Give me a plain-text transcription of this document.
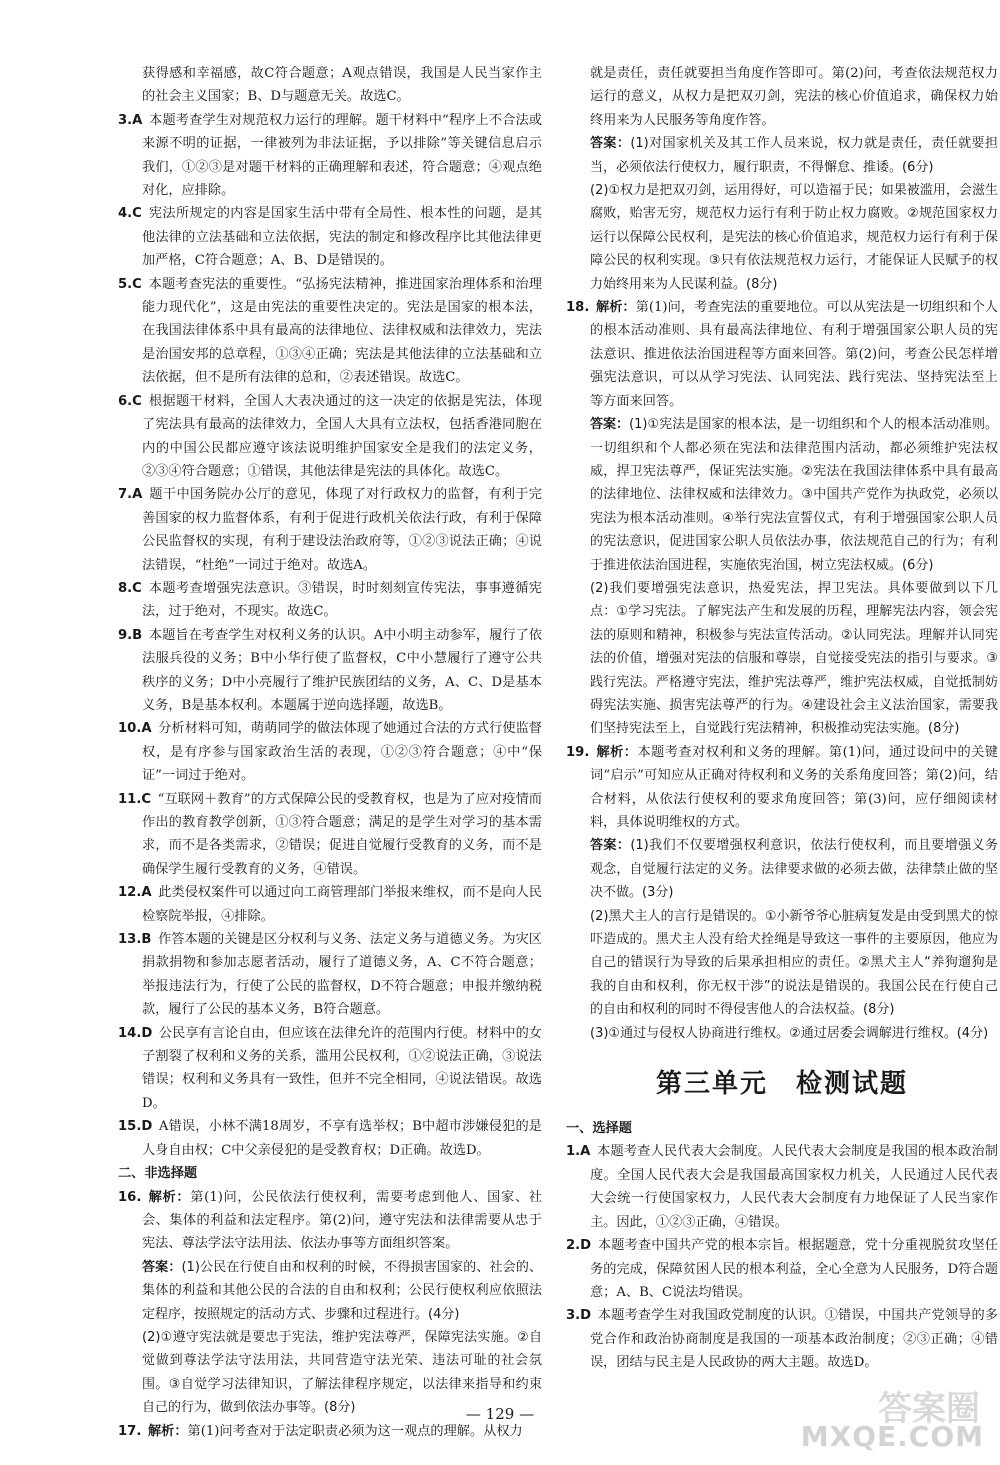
获得感和幸福感，故C符合题意；A观点错误，我国是人民当家作主的社会主义国家；B、D与题意无关。故选C。
3.A  本题考查学生对规范权力运行的理解。题干材料中“程序上不合法或来源不明的证据，一律被列为非法证据，予以排除”等关键信息启示我们，①②③是对题干材料的正确理解和表述，符合题意；④观点绝对化，应排除。
4.C  宪法所规定的内容是国家生活中带有全局性、根本性的问题，是其他法律的立法基础和立法依据，宪法的制定和修改程序比其他法律更加严格，C符合题意；A、B、D是错误的。
5.C  本题考查宪法的重要性。“弘扬宪法精神，推进国家治理体系和治理能力现代化”，这是由宪法的重要性决定的。宪法是国家的根本法，在我国法律体系中具有最高的法律地位、法律权威和法律效力，宪法是治国安邦的总章程，①③④正确；宪法是其他法律的立法基础和立法依据，但不是所有法律的总和，②表述错误。故选C。
6.C  根据题干材料，全国人大表决通过的这一决定的依据是宪法，体现了宪法具有最高的法律效力，全国人大具有立法权，包括香港同胞在内的中国公民都应遵守该法说明维护国家安全是我们的法定义务，②③④符合题意；①错误，其他法律是宪法的具体化。故选C。
7.A  题干中国务院办公厅的意见，体现了对行政权力的监督，有利于完善国家的权力监督体系，有利于促进行政机关依法行政，有利于保障公民监督权的实现，有利于建设法治政府等，①②③说法正确；④说法错误，“杜绝”一词过于绝对。故选A。
8.C  本题考查增强宪法意识。③错误，时时刻刻宣传宪法，事事遵循宪法，过于绝对，不现实。故选C。
9.B  本题旨在考查学生对权利义务的认识。A中小明主动参军，履行了依法服兵役的义务；B中小华行使了监督权，C中小慧履行了遵守公共秩序的义务；D中小亮履行了维护民族团结的义务，A、C、D是基本义务，B是基本权利。本题属于逆向选择题，故选B。
10.A  分析材料可知，萌萌同学的做法体现了她通过合法的方式行使监督权，是有序参与国家政治生活的表现，①②③符合题意；④中“保证”一词过于绝对。
11.C  “互联网＋教育”的方式保障公民的受教育权，也是为了应对疫情而作出的教育教学创新，①③符合题意；满足的是学生对学习的基本需求，而不是各类需求，②错误；促进自觉履行受教育的义务，而不是确保学生履行受教育的义务，④错误。
12.A  此类侵权案件可以通过向工商管理部门举报来维权，而不是向人民检察院举报，④排除。
13.B  作答本题的关键是区分权利与义务、法定义务与道德义务。为灾区捐款捐物和参加志愿者活动，履行了道德义务，A、C不符合题意；举报违法行为，行使了公民的监督权，D不符合题意；申报并缴纳税款，履行了公民的基本义务，B符合题意。
14.D  公民享有言论自由，但应该在法律允许的范围内行使。材料中的女子割裂了权利和义务的关系，滥用公民权利，①②说法正确，③说法错误；权利和义务具有一致性，但并不完全相同，④说法错误。故选D。
15.D  A错误，小林不满18周岁，不享有选举权；B中超市涉嫌侵犯的是人身自由权；C中父亲侵犯的是受教育权；D正确。故选D。
二、非选择题
16.  解析：第(1)问，公民依法行使权利，需要考虑到他人、国家、社会、集体的利益和法定程序。第(2)问，遵守宪法和法律需要从忠于宪法、尊法学法守法用法、依法办事等方面组织答案。
答案：(1)公民在行使自由和权利的时候，不得损害国家的、社会的、集体的利益和其他公民的合法的自由和权利；公民行使权利应依照法定程序，按照规定的活动方式、步骤和过程进行。(4分)
(2)①遵守宪法就是要忠于宪法，维护宪法尊严，保障宪法实施。②自觉做到尊法学法守法用法，共同营造守法光荣、违法可耻的社会氛围。③自觉学习法律知识，了解法律程序规定，以法律来指导和约束自己的行为，做到依法办事等。(8分)
17.  解析：第(1)问考查对于法定职责必须为这一观点的理解。从权力
就是责任，责任就要担当角度作答即可。第(2)问，考查依法规范权力运行的意义，从权力是把双刃剑，宪法的核心价值追求，确保权力始终用来为人民服务等角度作答。
答案：(1)对国家机关及其工作人员来说，权力就是责任，责任就要担当，必须依法行使权力，履行职责，不得懈怠、推诿。(6分)
(2)①权力是把双刃剑，运用得好，可以造福于民；如果被滥用，会滋生腐败，贻害无穷，规范权力运行有利于防止权力腐败。②规范国家权力运行以保障公民权利，是宪法的核心价值追求，规范权力运行有利于保障公民的权利实现。③只有依法规范权力运行，才能保证人民赋予的权力始终用来为人民谋利益。(8分)
18.  解析：第(1)问，考查宪法的重要地位。可以从宪法是一切组织和个人的根本活动准则、具有最高法律地位、有利于增强国家公职人员的宪法意识、推进依法治国进程等方面来回答。第(2)问，考查公民怎样增强宪法意识，可以从学习宪法、认同宪法、践行宪法、坚持宪法至上等方面来回答。
答案：(1)①宪法是国家的根本法，是一切组织和个人的根本活动准则。一切组织和个人都必须在宪法和法律范围内活动，都必须维护宪法权威，捍卫宪法尊严，保证宪法实施。②宪法在我国法律体系中具有最高的法律地位、法律权威和法律效力。③中国共产党作为执政党，必须以宪法为根本活动准则。④举行宪法宣誓仪式，有利于增强国家公职人员的宪法意识，促进国家公职人员依法办事，依法规范自己的行为；有利于推进依法治国进程，实施依宪治国，树立宪法权威。(6分)
(2)我们要增强宪法意识，热爱宪法，捍卫宪法。具体要做到以下几点：①学习宪法。了解宪法产生和发展的历程，理解宪法内容，领会宪法的原则和精神，积极参与宪法宣传活动。②认同宪法。理解并认同宪法的价值，增强对宪法的信服和尊崇，自觉接受宪法的指引与要求。③践行宪法。严格遵守宪法，维护宪法尊严，维护宪法权威，自觉抵制妨碍宪法实施、损害宪法尊严的行为。④建设社会主义法治国家，需要我们坚持宪法至上，自觉践行宪法精神，积极推动宪法实施。(8分)
19.  解析：本题考查对权利和义务的理解。第(1)问，通过设问中的关键词“启示”可知应从正确对待权利和义务的关系角度回答；第(2)问，结合材料，从依法行使权利的要求角度回答；第(3)问，应仔细阅读材料，具体说明维权的方式。
答案：(1)我们不仅要增强权利意识，依法行使权利，而且要增强义务观念，自觉履行法定的义务。法律要求做的必须去做，法律禁止做的坚决不做。(3分)
(2)黑犬主人的言行是错误的。①小新爷爷心脏病复发是由受到黑犬的惊吓造成的。黑犬主人没有给犬拴绳是导致这一事件的主要原因，他应为自己的错误行为导致的后果承担相应的责任。②黑犬主人“养狗遛狗是我的自由和权利，你无权干涉”的说法是错误的。我国公民在行使自己的自由和权利的同时不得侵害他人的合法权益。(8分)
(3)①通过与侵权人协商进行维权。②通过居委会调解进行维权。(4分)
第三单元　检测试题
一、选择题
1.A  本题考查人民代表大会制度。人民代表大会制度是我国的根本政治制度。全国人民代表大会是我国最高国家权力机关，人民通过人民代表大会统一行使国家权力，人民代表大会制度有力地保证了人民当家作主。因此，①②③正确，④错误。
2.D  本题考查中国共产党的根本宗旨。根据题意，党十分重视脱贫攻坚任务的完成，保障贫困人民的根本利益，全心全意为人民服务，D符合题意；A、B、C说法均错误。
3.D  本题考查学生对我国政党制度的认识。①错误，中国共产党领导的多党合作和政治协商制度是我国的一项基本政治制度；②③正确；④错误，团结与民主是人民政协的两大主题。故选D。
— 129 —	答案圈
MXQE.COM
